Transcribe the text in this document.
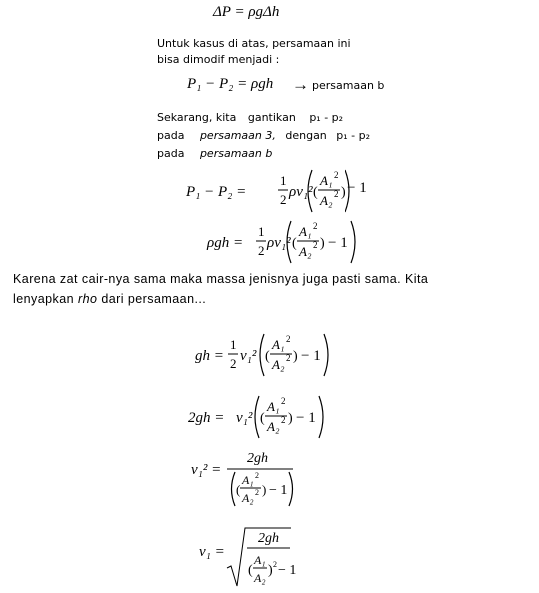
ΔP = ρgΔh
Untuk kasus di atas, persamaan ini
bisa dimodif menjadi :
P₁ − P₂ = ρgh → persamaan b
Sekarang, kita gantikan p₁ - p₂
pada persamaan 3, dengan p₁ - p₂
pada persamaan b
P₁ − P₂ =
1
2 ρv₁² (
A₁ 2
A₂ 2 ) − 1
ρgh =
1
2 ρv₁² (
A₁ 2
A₂ 2 ) − 1
Karena zat cair-nya sama maka massa jenisnya juga pasti sama. Kita
lenyapkan rho dari persamaan...
gh =
1
2 v₁² (
A₁ 2
A₂ 2 ) − 1
2gh = v₁² (
A₁ 2
A₂ 2 ) − 1
v₁² =
2gh
(
A₁ 2
A₂ 2 ) − 1
v₁ =
2gh
(
A₁
A₂ ) 2 − 1
